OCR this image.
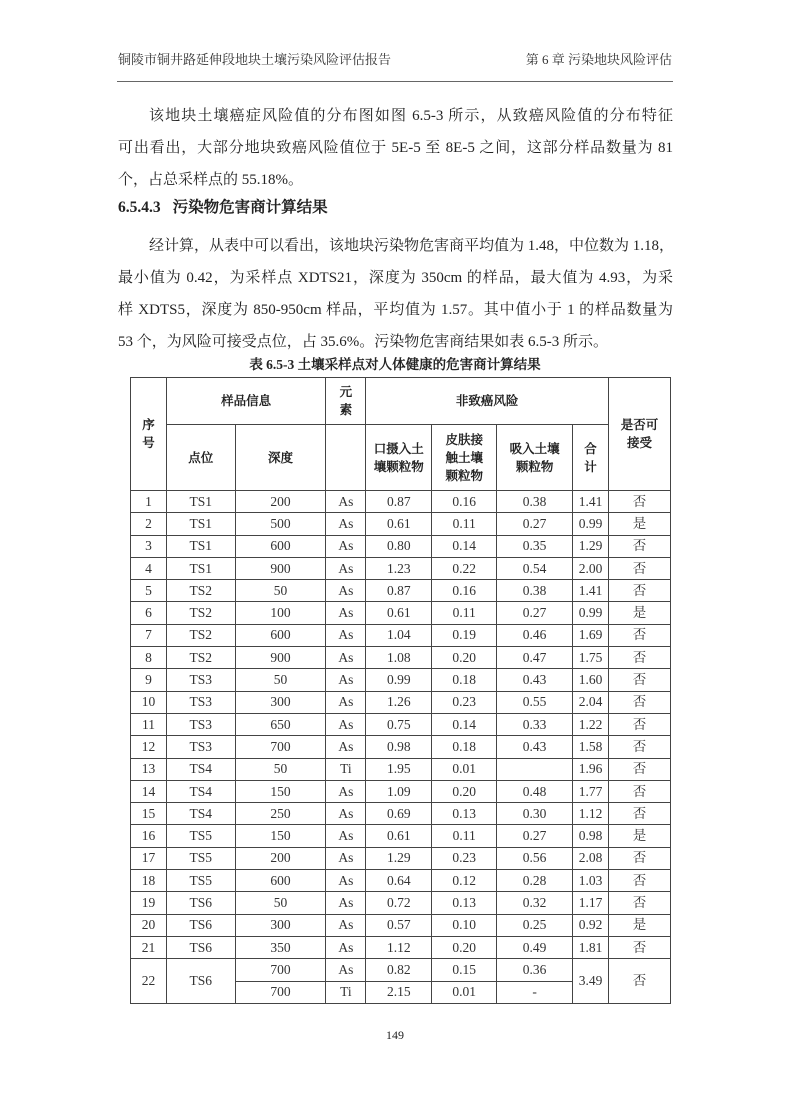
铜陵市铜井路延伸段地块土壤污染风险评估报告	第 6 章 污染地块风险评估
该地块土壤癌症风险值的分布图如图 6.5-3 所示，从致癌风险值的分布特征
可出看出，大部分地块致癌风险值位于 5E-5 至 8E-5 之间，这部分样品数量为 81
个，占总采样点的 55.18%。
6.5.4.3 污染物危害商计算结果
经计算，从表中可以看出，该地块污染物危害商平均值为 1.48，中位数为 1.18，
最小值为 0.42，为采样点 XDTS21，深度为 350cm 的样品，最大值为 4.93，为采
样 XDTS5，深度为 850-950cm 样品，平均值为 1.57。其中值小于 1 的样品数量为
53 个，为风险可接受点位，占 35.6%。污染物危害商结果如表 6.5-3 所示。
表 6.5-3 土壤采样点对人体健康的危害商计算结果
序号	样品信息		元素	非致癌风险				是否可接受

	点位	深度		口摄入土壤颗粒物	皮肤接触土壤颗粒物	吸入土壤颗粒物	合计	

1	TS1	200	As	0.87	0.16	0.38	1.41	否
2	TS1	500	As	0.61	0.11	0.27	0.99	是
3	TS1	600	As	0.80	0.14	0.35	1.29	否
4	TS1	900	As	1.23	0.22	0.54	2.00	否
5	TS2	50	As	0.87	0.16	0.38	1.41	否
6	TS2	100	As	0.61	0.11	0.27	0.99	是
7	TS2	600	As	1.04	0.19	0.46	1.69	否
8	TS2	900	As	1.08	0.20	0.47	1.75	否
9	TS3	50	As	0.99	0.18	0.43	1.60	否
10	TS3	300	As	1.26	0.23	0.55	2.04	否
11	TS3	650	As	0.75	0.14	0.33	1.22	否
12	TS3	700	As	0.98	0.18	0.43	1.58	否
13	TS4	50	Ti	1.95	0.01		1.96	否
14	TS4	150	As	1.09	0.20	0.48	1.77	否
15	TS4	250	As	0.69	0.13	0.30	1.12	否
16	TS5	150	As	0.61	0.11	0.27	0.98	是
17	TS5	200	As	1.29	0.23	0.56	2.08	否
18	TS5	600	As	0.64	0.12	0.28	1.03	否
19	TS6	50	As	0.72	0.13	0.32	1.17	否
20	TS6	300	As	0.57	0.10	0.25	0.92	是
21	TS6	350	As	1.12	0.20	0.49	1.81	否
22	TS6	700	As	0.82	0.15	0.36	3.49	否
		700	Ti	2.15	0.01	-		
149
